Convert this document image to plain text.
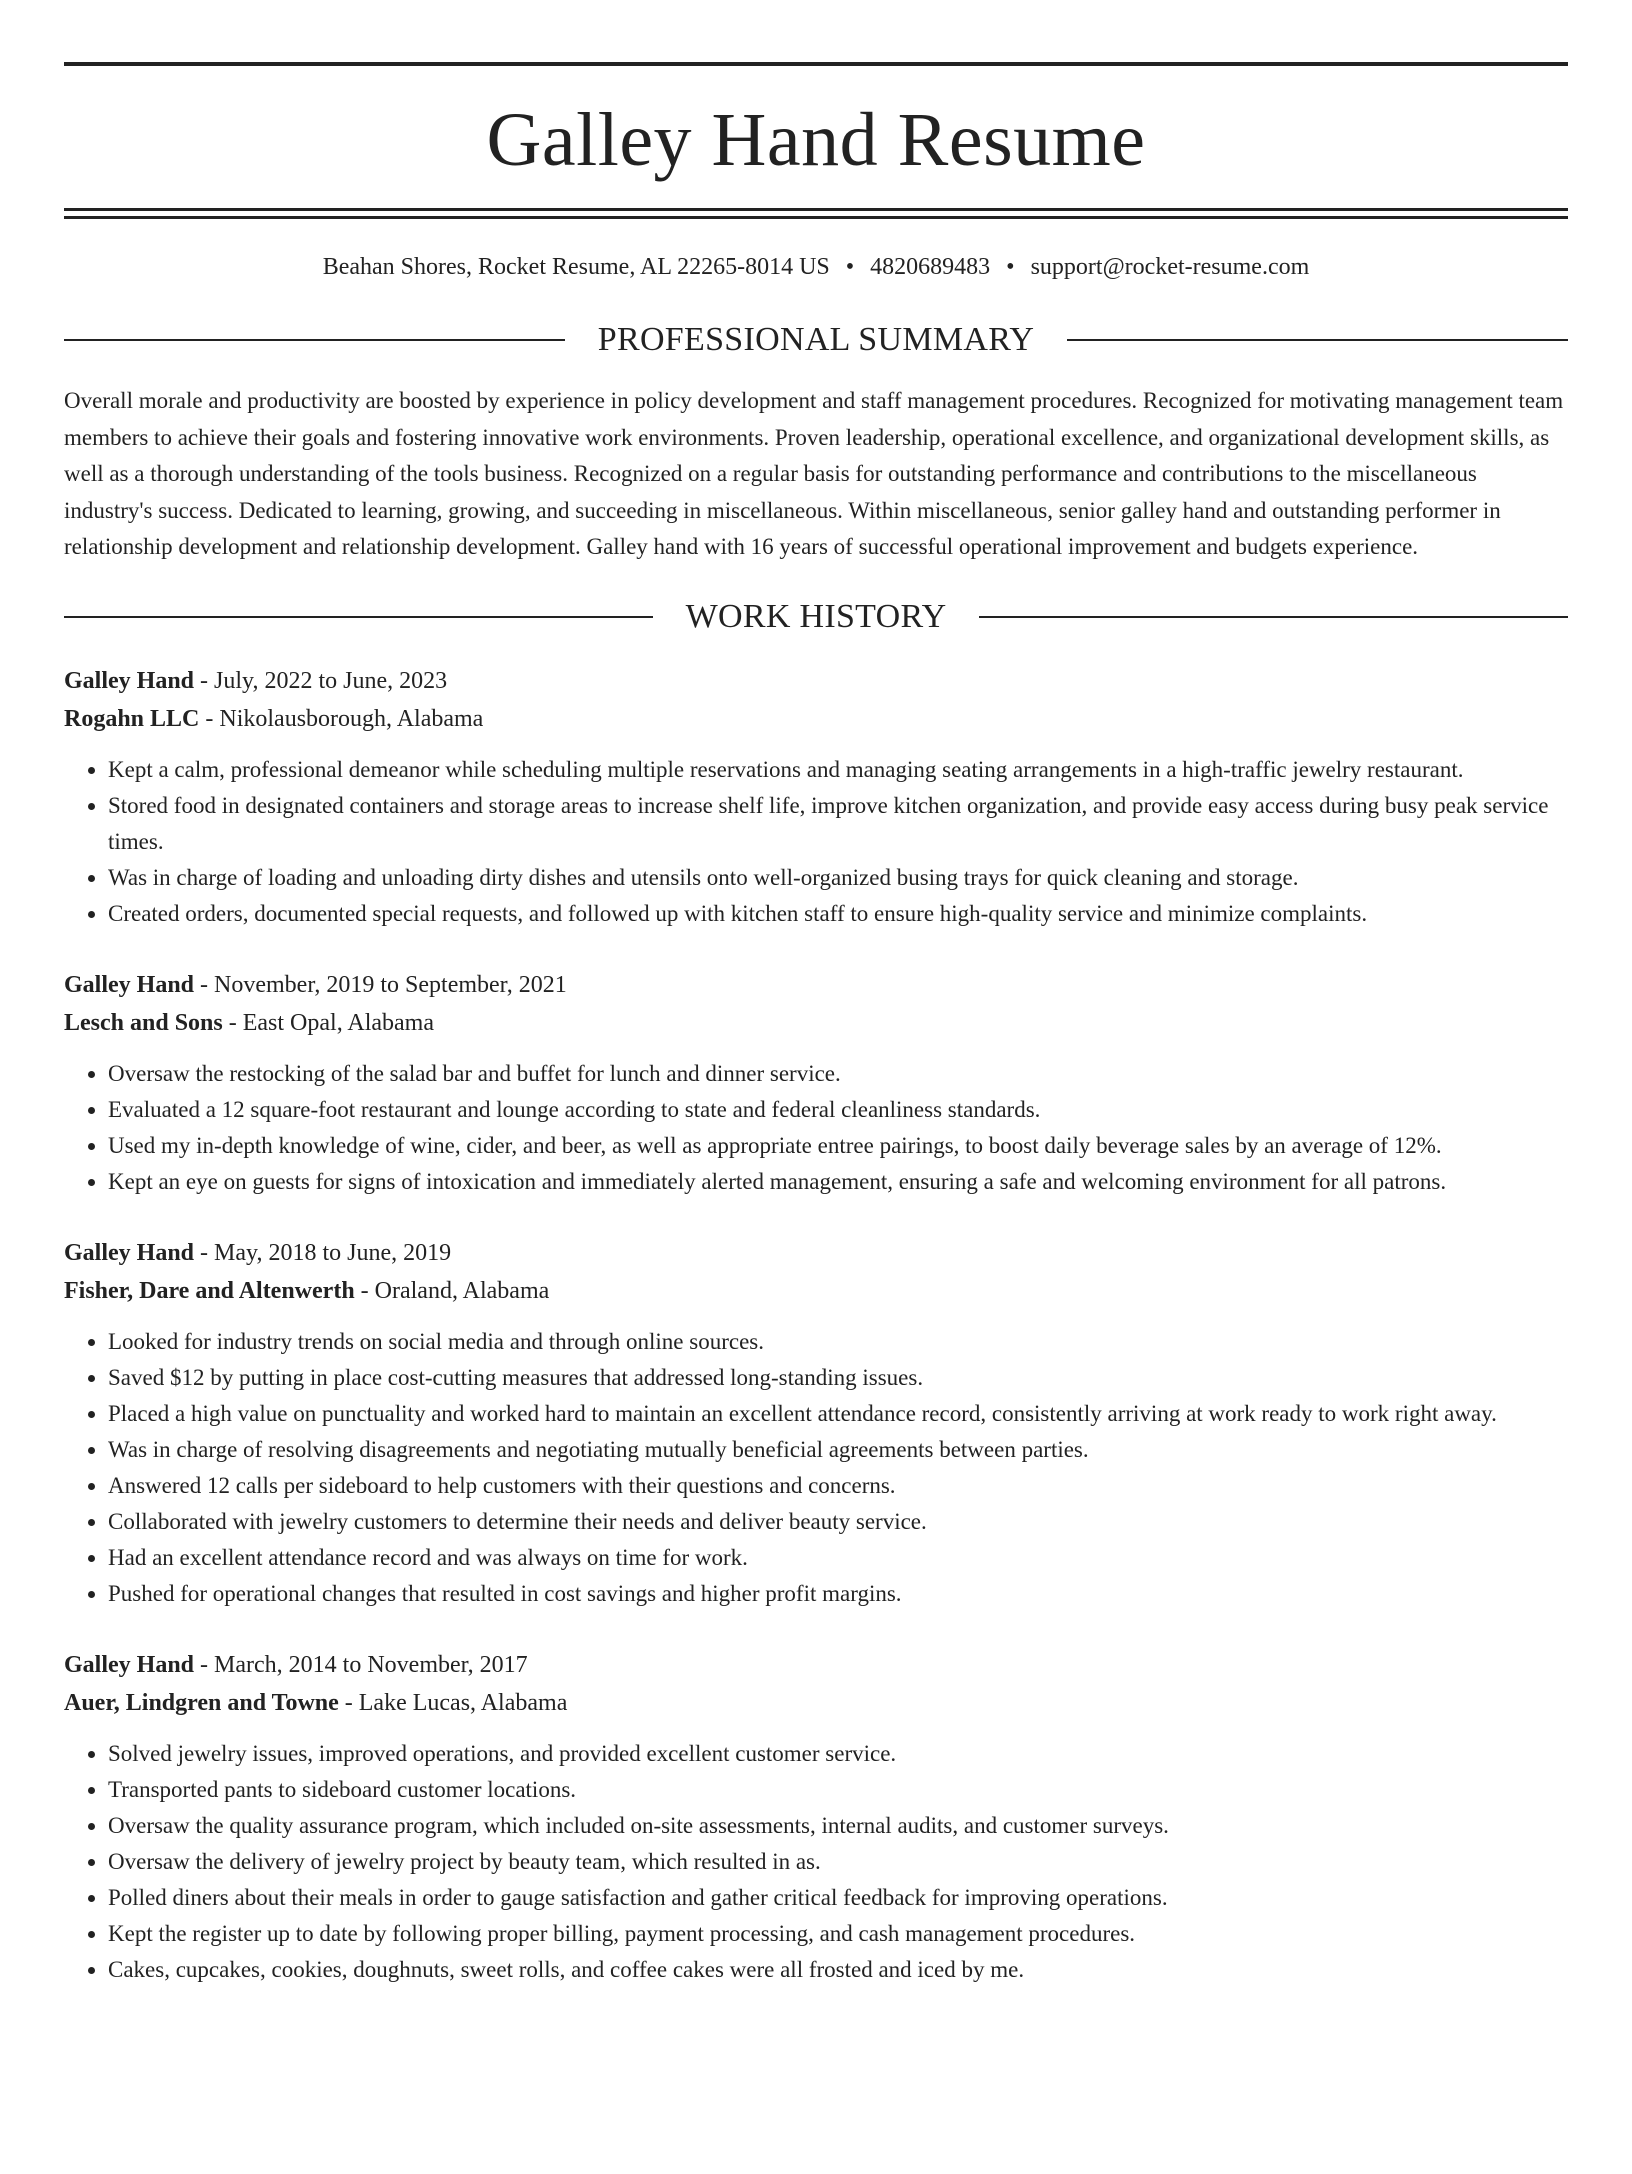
Galley Hand Resume
Beahan Shores, Rocket Resume, AL 22265-8014 US • 4820689483 • support@rocket-resume.com
PROFESSIONAL SUMMARY
Overall morale and productivity are boosted by experience in policy development and staff management procedures. Recognized for motivating management team members to achieve their goals and fostering innovative work environments. Proven leadership, operational excellence, and organizational development skills, as well as a thorough understanding of the tools business. Recognized on a regular basis for outstanding performance and contributions to the miscellaneous industry's success. Dedicated to learning, growing, and succeeding in miscellaneous. Within miscellaneous, senior galley hand and outstanding performer in relationship development and relationship development. Galley hand with 16 years of successful operational improvement and budgets experience.
WORK HISTORY
Galley Hand - July, 2022 to June, 2023
Rogahn LLC - Nikolausborough, Alabama
• Kept a calm, professional demeanor while scheduling multiple reservations and managing seating arrangements in a high-traffic jewelry restaurant.
• Stored food in designated containers and storage areas to increase shelf life, improve kitchen organization, and provide easy access during busy peak service times.
• Was in charge of loading and unloading dirty dishes and utensils onto well-organized busing trays for quick cleaning and storage.
• Created orders, documented special requests, and followed up with kitchen staff to ensure high-quality service and minimize complaints.
Galley Hand - November, 2019 to September, 2021
Lesch and Sons - East Opal, Alabama
• Oversaw the restocking of the salad bar and buffet for lunch and dinner service.
• Evaluated a 12 square-foot restaurant and lounge according to state and federal cleanliness standards.
• Used my in-depth knowledge of wine, cider, and beer, as well as appropriate entree pairings, to boost daily beverage sales by an average of 12%.
• Kept an eye on guests for signs of intoxication and immediately alerted management, ensuring a safe and welcoming environment for all patrons.
Galley Hand - May, 2018 to June, 2019
Fisher, Dare and Altenwerth - Oraland, Alabama
• Looked for industry trends on social media and through online sources.
• Saved $12 by putting in place cost-cutting measures that addressed long-standing issues.
• Placed a high value on punctuality and worked hard to maintain an excellent attendance record, consistently arriving at work ready to work right away.
• Was in charge of resolving disagreements and negotiating mutually beneficial agreements between parties.
• Answered 12 calls per sideboard to help customers with their questions and concerns.
• Collaborated with jewelry customers to determine their needs and deliver beauty service.
• Had an excellent attendance record and was always on time for work.
• Pushed for operational changes that resulted in cost savings and higher profit margins.
Galley Hand - March, 2014 to November, 2017
Auer, Lindgren and Towne - Lake Lucas, Alabama
• Solved jewelry issues, improved operations, and provided excellent customer service.
• Transported pants to sideboard customer locations.
• Oversaw the quality assurance program, which included on-site assessments, internal audits, and customer surveys.
• Oversaw the delivery of jewelry project by beauty team, which resulted in as.
• Polled diners about their meals in order to gauge satisfaction and gather critical feedback for improving operations.
• Kept the register up to date by following proper billing, payment processing, and cash management procedures.
• Cakes, cupcakes, cookies, doughnuts, sweet rolls, and coffee cakes were all frosted and iced by me.
